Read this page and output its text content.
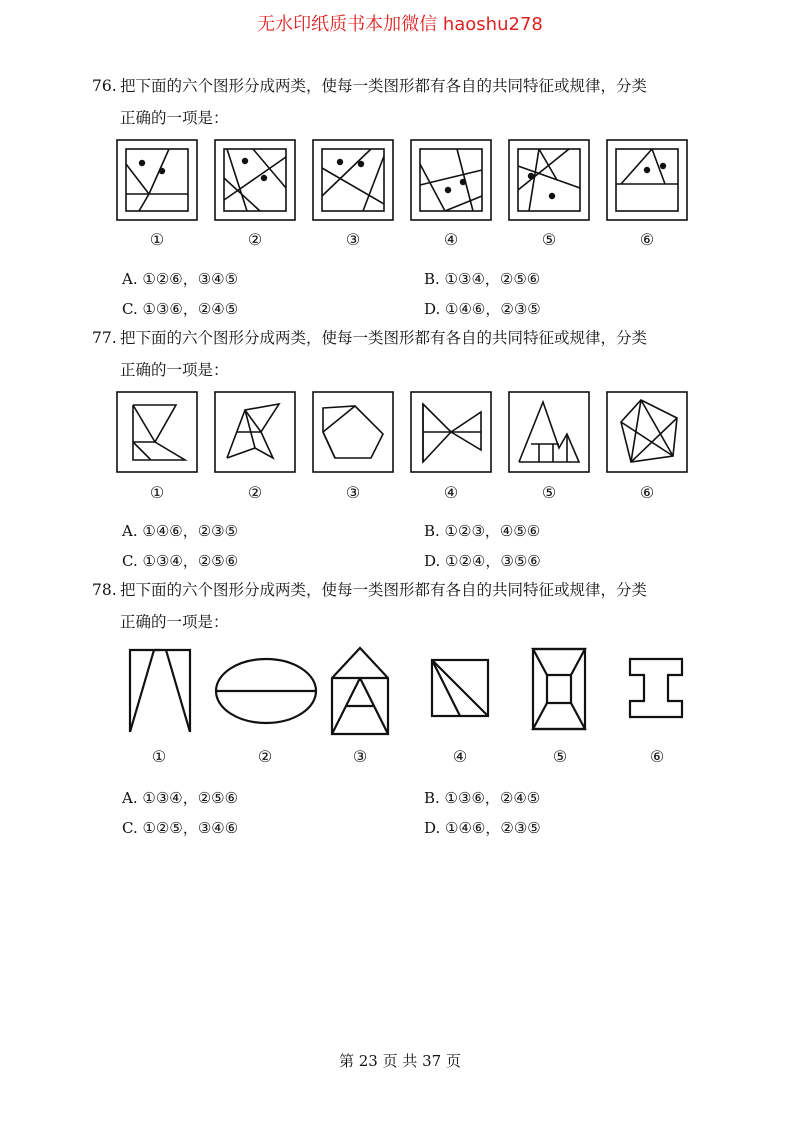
无水印纸质书本加微信 haoshu278
76. 把下面的六个图形分成两类，使每一类图形都有各自的共同特征或规律，分类
正确的一项是：
①	②	③	④	⑤	⑥
A. ①②⑥，③④⑤	B. ①③④，②⑤⑥
C. ①③⑥，②④⑤	D. ①④⑥，②③⑤
77. 把下面的六个图形分成两类，使每一类图形都有各自的共同特征或规律，分类
正确的一项是：
①	②	③	④	⑤	⑥
A. ①④⑥，②③⑤	B. ①②③，④⑤⑥
C. ①③④，②⑤⑥	D. ①②④，③⑤⑥
78. 把下面的六个图形分成两类，使每一类图形都有各自的共同特征或规律，分类
正确的一项是：
①	②	③	④	⑤	⑥
A. ①③④，②⑤⑥	B. ①③⑥，②④⑤
C. ①②⑤，③④⑥	D. ①④⑥，②③⑤
第 23 页 共 37 页
